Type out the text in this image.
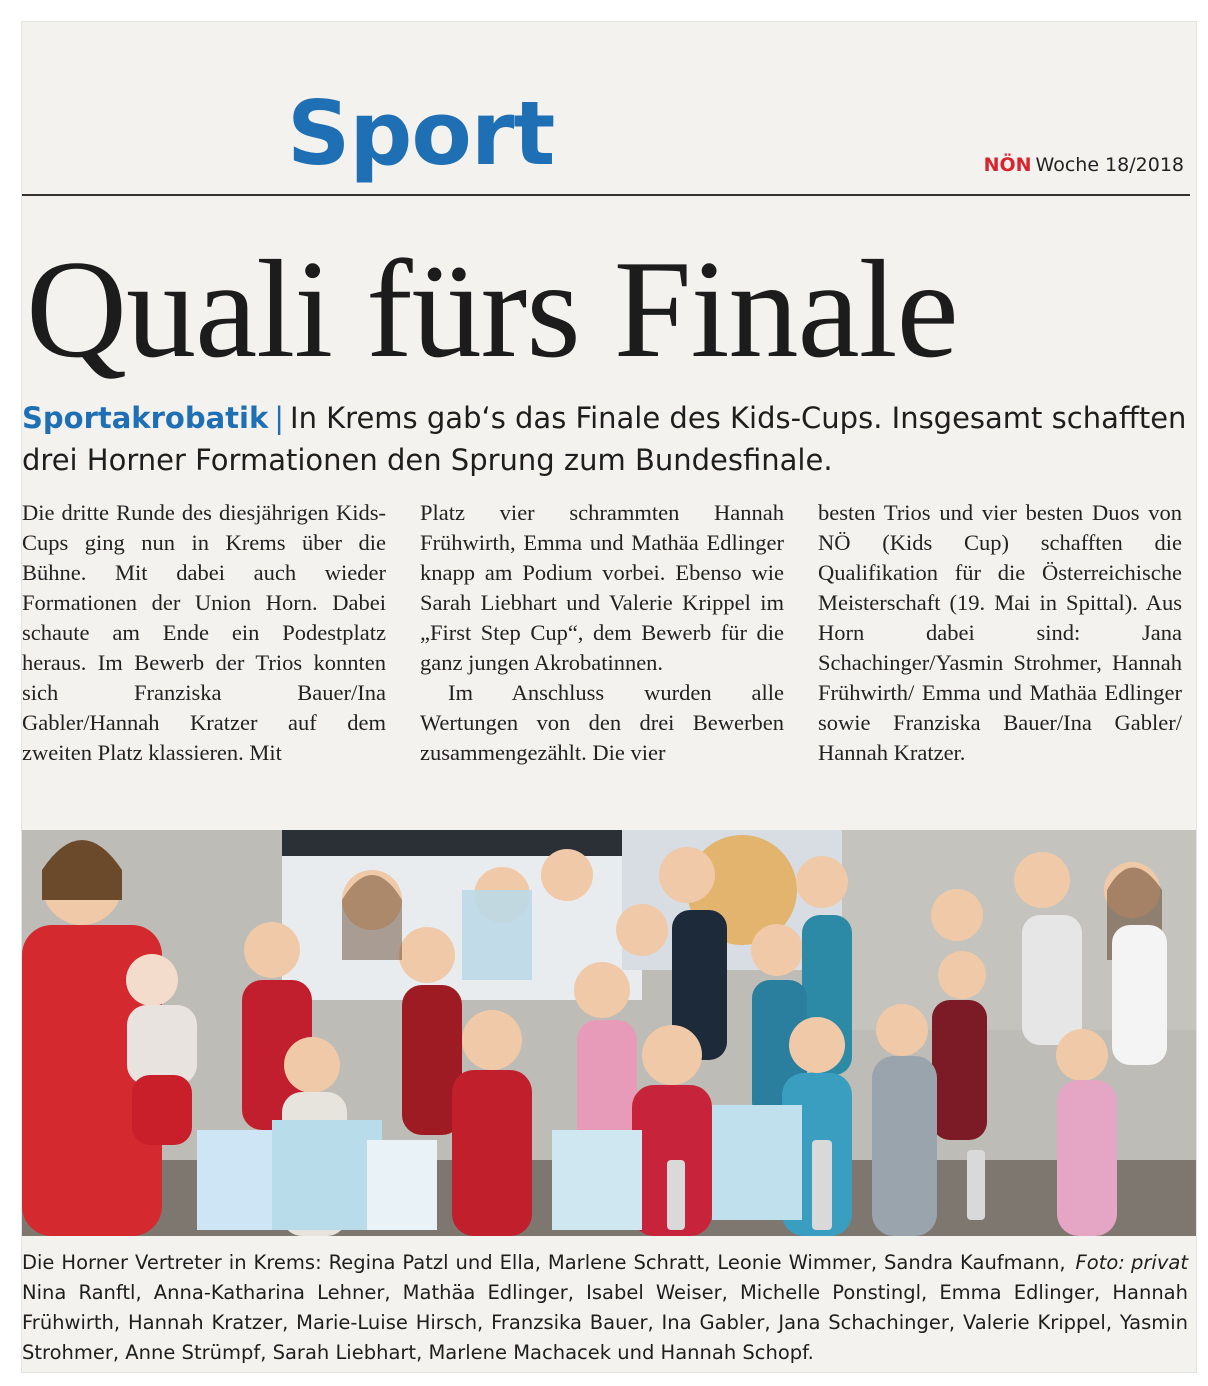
Sport	NÖN Woche 18/2018
Quali fürs Finale
Sportakrobatik | In Krems gab‘s das Finale des Kids-Cups. Insgesamt schafften drei Horner Formationen den Sprung zum Bundesfinale.

Die dritte Runde des diesjährigen Kids-Cups ging nun in Krems über die Bühne. Mit dabei auch wieder Formationen der Union Horn. Dabei schaute am Ende ein Podestplatz heraus. Im Bewerb der Trios konnten sich Franziska Bauer/Ina Gabler/Hannah Kratzer auf dem zweiten Platz klassieren. Mit

Platz vier schrammten Hannah Frühwirth, Emma und Mathäa Edlinger knapp am Podium vorbei. Ebenso wie Sarah Liebhart und Valerie Krippel im „First Step Cup“, dem Bewerb für die ganz jungen Akrobatinnen.

Im Anschluss wurden alle Wertungen von den drei Bewerben zusammengezählt. Die vier

besten Trios und vier besten Duos von NÖ (Kids Cup) schafften die Qualifikation für die Österreichische Meisterschaft (19. Mai in Spittal). Aus Horn dabei sind: Jana Schachinger/Yasmin Strohmer, Hannah Frühwirth/ Emma und Mathäa Edlinger sowie Franziska Bauer/Ina Gabler/ Hannah Kratzer.

Foto: privat
Die Horner Vertreter in Krems: Regina Patzl und Ella, Marlene Schratt, Leonie Wimmer, Sandra Kaufmann, Nina Ranftl, Anna-Katharina Lehner, Mathäa Edlinger, Isabel Weiser, Michelle Ponstingl, Emma Edlinger, Hannah Frühwirth, Hannah Kratzer, Marie-Luise Hirsch, Franzsika Bauer, Ina Gabler, Jana Schachinger, Valerie Krippel, Yasmin Strohmer, Anne Strümpf, Sarah Liebhart, Marlene Machacek und Hannah Schopf.
